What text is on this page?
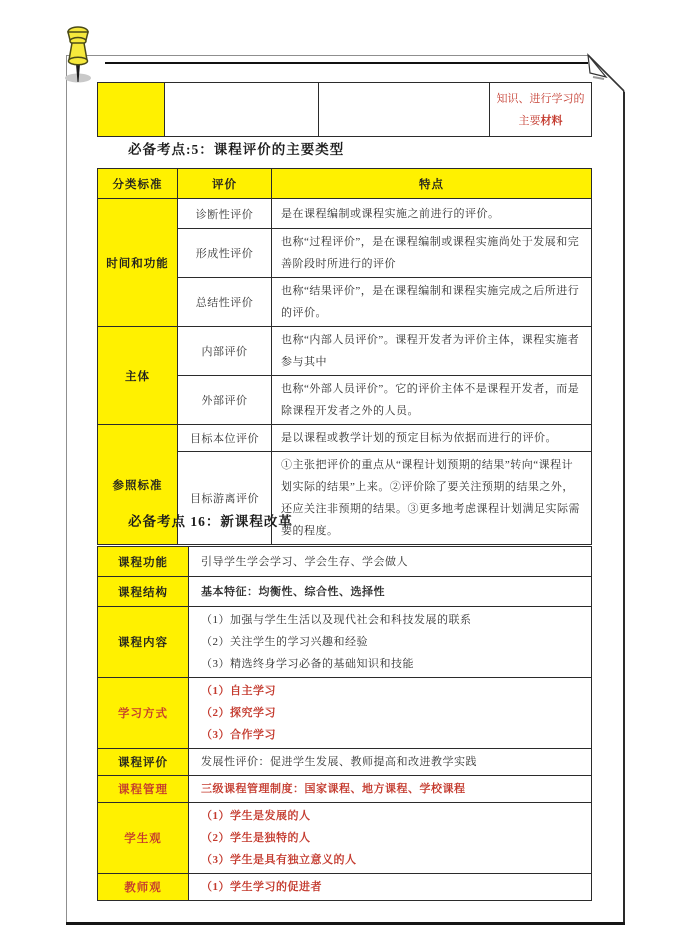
知识、进行学习的
主要材料
必备考点:5：课程评价的主要类型
分类标准	评价	特点
时间和功能	诊断性评价	是在课程编制或课程实施之前进行的评价。
	形成性评价	也称“过程评价”，是在课程编制或课程实施尚处于发展和完善阶段时所进行的评价
	总结性评价	也称“结果评价”，是在课程编制和课程实施完成之后所进行的评价。
主体	内部评价	也称“内部人员评价”。课程开发者为评价主体，课程实施者参与其中
	外部评价	也称“外部人员评价”。它的评价主体不是课程开发者，而是除课程开发者之外的人员。
参照标准	目标本位评价	是以课程或教学计划的预定目标为依据而进行的评价。
	目标游离评价	①主张把评价的重点从“课程计划预期的结果”转向“课程计划实际的结果”上来。②评价除了要关注预期的结果之外，还应关注非预期的结果。③更多地考虑课程计划满足实际需要的程度。
必备考点 16：新课程改革
课程功能	引导学生学会学习、学会生存、学会做人

课程结构	基本特征：均衡性、综合性、选择性

课程内容	（1）加强与学生生活以及现代社会和科技发展的联系
（2）关注学生的学习兴趣和经验
（3）精选终身学习必备的基础知识和技能

学习方式	（1）自主学习
（2）探究学习
（3）合作学习

课程评价	发展性评价：促进学生发展、教师提高和改进教学实践

课程管理	三级课程管理制度：国家课程、地方课程、学校课程

学生观	（1）学生是发展的人
（2）学生是独特的人
（3）学生是具有独立意义的人

教师观	（1）学生学习的促进者
